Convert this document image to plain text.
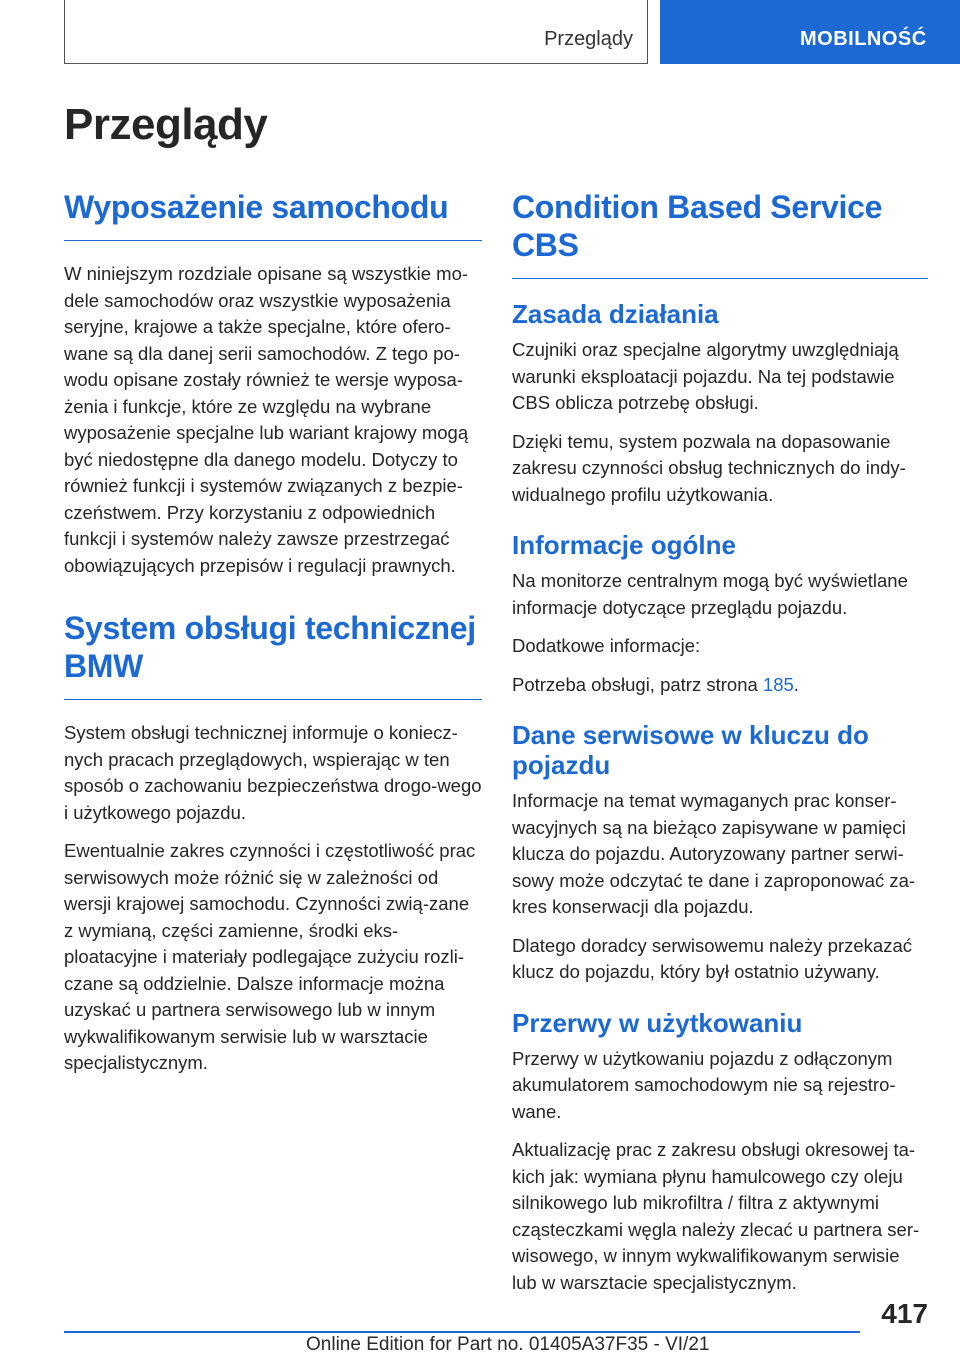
Przeglądy	MOBILNOŚĆ
Przeglądy
Wyposażenie samochodu

W niniejszym rozdziale opisane są wszystkie mo-dele samochodów oraz wszystkie wyposażenia seryjne, krajowe a także specjalne, które ofero-wane są dla danej serii samochodów. Z tego po-wodu opisane zostały również te wersje wyposa-żenia i funkcje, które ze względu na wybrane wyposażenie specjalne lub wariant krajowy mogą być niedostępne dla danego modelu. Dotyczy to również funkcji i systemów związanych z bezpie-czeństwem. Przy korzystaniu z odpowiednich funkcji i systemów należy zawsze przestrzegać obowiązujących przepisów i regulacji prawnych.

System obsługi technicznej BMW

System obsługi technicznej informuje o koniecz-nych pracach przeglądowych, wspierając w ten sposób o zachowaniu bezpieczeństwa drogo-wego i użytkowego pojazdu.

Ewentualnie zakres czynności i częstotliwość prac serwisowych może różnić się w zależności od wersji krajowej samochodu. Czynności zwią-zane z wymianą, części zamienne, środki eks-ploatacyjne i materiały podlegające zużyciu rozli-czane są oddzielnie. Dalsze informacje można uzyskać u partnera serwisowego lub w innym wykwalifikowanym serwisie lub w warsztacie specjalistycznym.

Condition Based Service CBS
Zasada działania

Czujniki oraz specjalne algorytmy uwzględniają warunki eksploatacji pojazdu. Na tej podstawie CBS oblicza potrzebę obsługi.

Dzięki temu, system pozwala na dopasowanie zakresu czynności obsług technicznych do indy-widualnego profilu użytkowania.

Informacje ogólne

Na monitorze centralnym mogą być wyświetlane informacje dotyczące przeglądu pojazdu.

Dodatkowe informacje:

Potrzeba obsługi, patrz strona 185.

Dane serwisowe w kluczu do pojazdu

Informacje na temat wymaganych prac konser-wacyjnych są na bieżąco zapisywane w pamięci klucza do pojazdu. Autoryzowany partner serwi-sowy może odczytać te dane i zaproponować za-kres konserwacji dla pojazdu.

Dlatego doradcy serwisowemu należy przekazać klucz do pojazdu, który był ostatnio używany.

Przerwy w użytkowaniu

Przerwy w użytkowaniu pojazdu z odłączonym akumulatorem samochodowym nie są rejestro-wane.

Aktualizację prac z zakresu obsługi okresowej ta-kich jak: wymiana płynu hamulcowego czy oleju silnikowego lub mikrofiltra / filtra z aktywnymi cząsteczkami węgla należy zlecać u partnera ser-wisowego, w innym wykwalifikowanym serwisie lub w warsztacie specjalistycznym.

417
Online Edition for Part no. 01405A37F35 - VI/21
